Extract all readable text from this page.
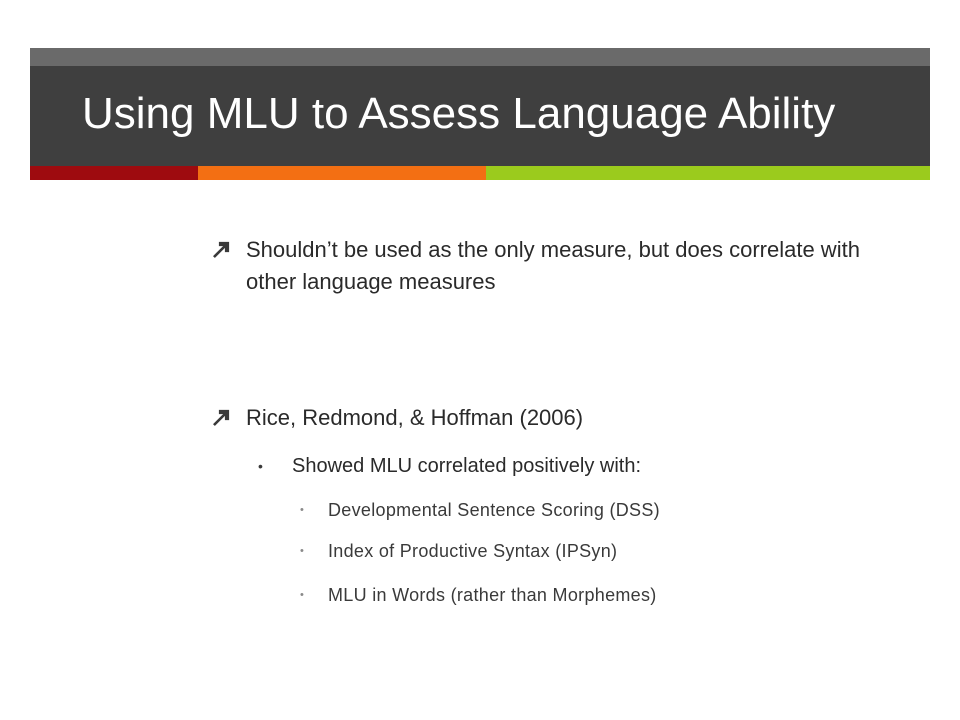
Using MLU to Assess Language Ability
Shouldn’t be used as the only measure, but does correlate with other language measures
Rice, Redmond, & Hoffman (2006)
•	Showed MLU correlated positively with:
•	Developmental Sentence Scoring (DSS)
•	Index of Productive Syntax (IPSyn)
•	MLU in Words (rather than Morphemes)
